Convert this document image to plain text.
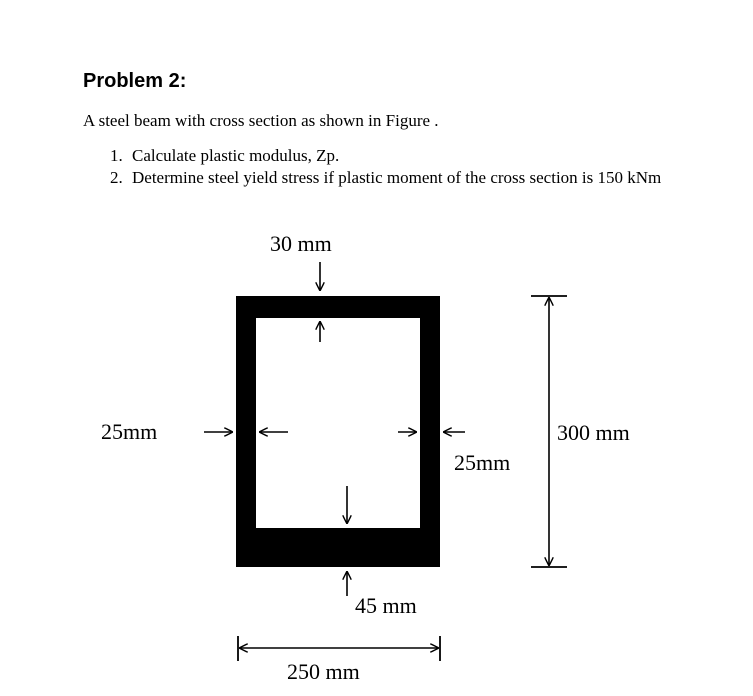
Problem 2:

A steel beam with cross section as shown in Figure .

1. Calculate plastic modulus, Zp.
2. Determine steel yield stress if plastic moment of the cross section is 150 kNm
30 mm
25mm
25mm
45 mm
300 mm
250 mm
